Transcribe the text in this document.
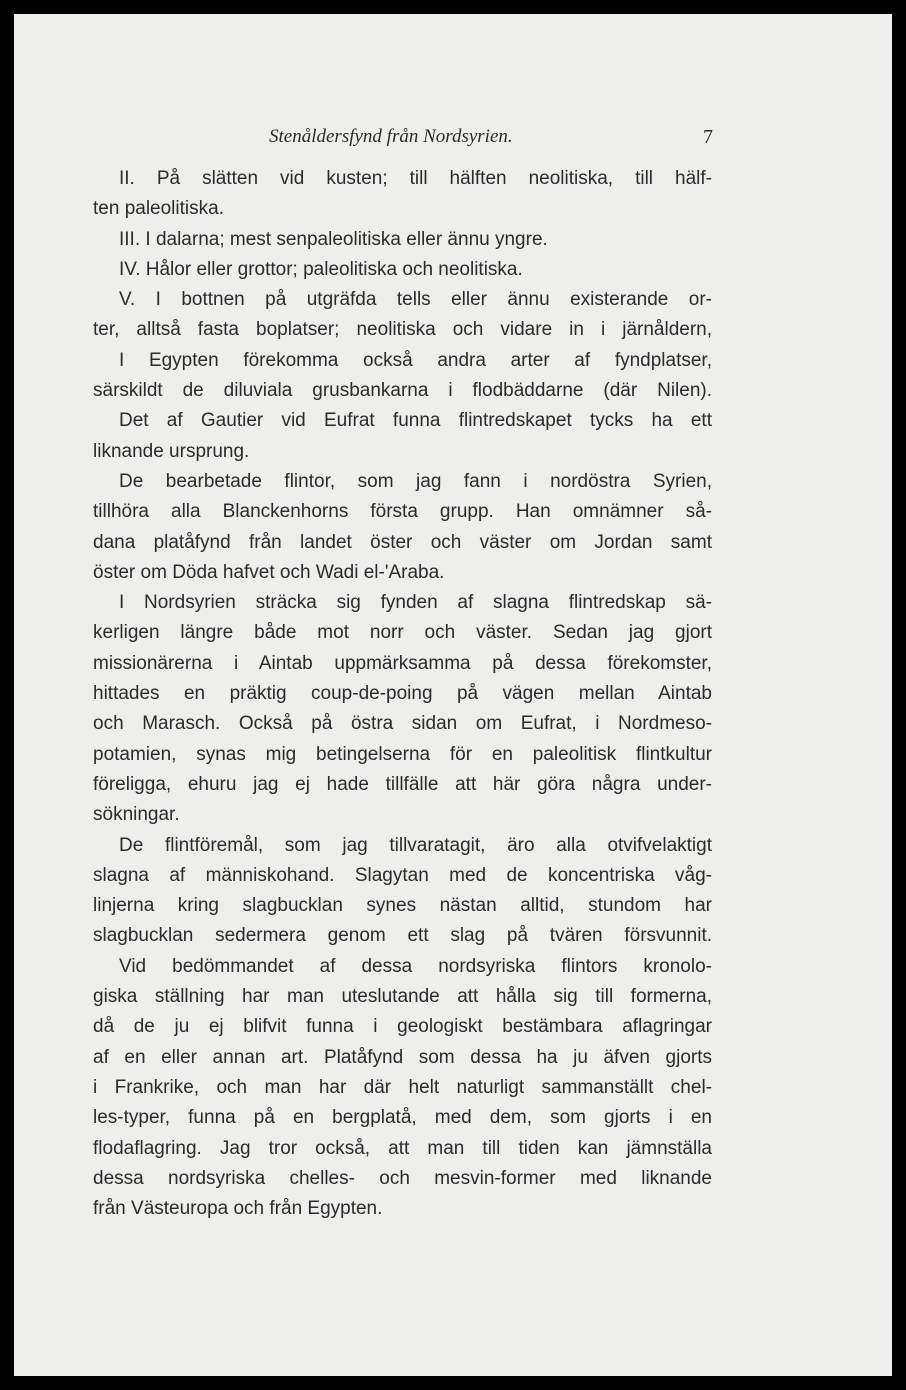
Stenåldersfynd från Nordsyrien.	7
II. På slätten vid kusten; till hälften neolitiska, till hälf-
ten paleolitiska.
III. I dalarna; mest senpaleolitiska eller ännu yngre.
IV. Hålor eller grottor; paleolitiska och neolitiska.
V. I bottnen på utgräfda tells eller ännu existerande or-
ter, alltså fasta boplatser; neolitiska och vidare in i järnåldern,
I Egypten förekomma också andra arter af fyndplatser,
särskildt de diluviala grusbankarna i flodbäddarne (där Nilen).
Det af Gautier vid Eufrat funna flintredskapet tycks ha ett
liknande ursprung.
De bearbetade flintor, som jag fann i nordöstra Syrien,
tillhöra alla Blanckenhorns första grupp. Han omnämner så-
dana platåfynd från landet öster och väster om Jordan samt
öster om Döda hafvet och Wadi el-'Araba.
I Nordsyrien sträcka sig fynden af slagna flintredskap sä-
kerligen längre både mot norr och väster. Sedan jag gjort
missionärerna i Aintab uppmärksamma på dessa förekomster,
hittades en präktig coup-de-poing på vägen mellan Aintab
och Marasch. Också på östra sidan om Eufrat, i Nordmeso-
potamien, synas mig betingelserna för en paleolitisk flintkultur
föreligga, ehuru jag ej hade tillfälle att här göra några under-
sökningar.
De flintföremål, som jag tillvaratagit, äro alla otvifvelaktigt
slagna af människohand. Slagytan med de koncentriska våg-
linjerna kring slagbucklan synes nästan alltid, stundom har
slagbucklan sedermera genom ett slag på tvären försvunnit.
Vid bedömmandet af dessa nordsyriska flintors kronolo-
giska ställning har man uteslutande att hålla sig till formerna,
då de ju ej blifvit funna i geologiskt bestämbara aflagringar
af en eller annan art. Platåfynd som dessa ha ju äfven gjorts
i Frankrike, och man har där helt naturligt sammanställt chel-
les-typer, funna på en bergplatå, med dem, som gjorts i en
flodaflagring. Jag tror också, att man till tiden kan jämnställa
dessa nordsyriska chelles- och mesvin-former med liknande
från Västeuropa och från Egypten.
